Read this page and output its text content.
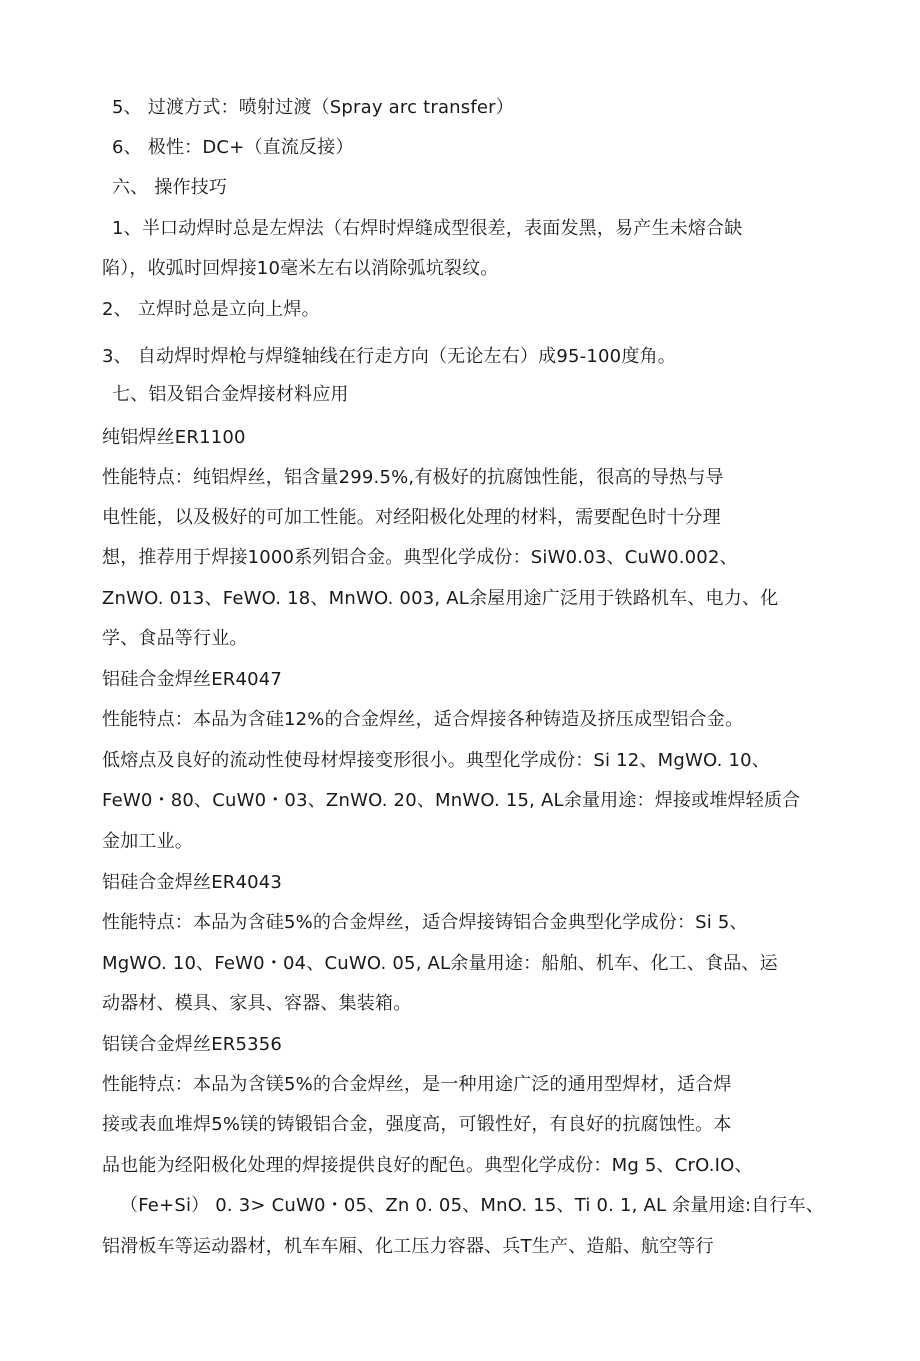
5、 过渡方式：喷射过渡（Spray arc transfer）
6、 极性：DC+（直流反接）
六、 操作技巧
1、半口动焊时总是左焊法（右焊时焊缝成型很差，表面发黑，易产生未熔合缺
陷），收弧时回焊接10毫米左右以消除弧坑裂纹。
2、 立焊时总是立向上焊。
3、 自动焊时焊枪与焊缝轴线在行走方向（无论左右）成95-100度角。
七、铝及铝合金焊接材料应用
纯铝焊丝ER1100
性能特点：纯铝焊丝，铝含量299.5%,有极好的抗腐蚀性能，很高的导热与导
电性能，以及极好的可加工性能。对经阳极化处理的材料，需要配色时十分理
想，推荐用于焊接1000系列铝合金。典型化学成份：SiW0.03、CuW0.002、
ZnWO. 013、FeWO. 18、MnWO. 003, AL余屋用途广泛用于铁路机车、电力、化
学、食品等行业。
铝硅合金焊丝ER4047
性能特点：本品为含硅12%的合金焊丝，适合焊接各种铸造及挤压成型铝合金。
低熔点及良好的流动性使母材焊接变形很小。典型化学成份：Si 12、MgWO. 10、
FeW0・80、CuW0・03、ZnWO. 20、MnWO. 15, AL余量用途：焊接或堆焊轻质合
金加工业。
铝硅合金焊丝ER4043
性能特点：本品为含硅5%的合金焊丝，适合焊接铸铝合金典型化学成份：Si 5、
MgWO. 10、FeW0・04、CuWO. 05, AL余量用途：船舶、机车、化工、食品、运
动器材、模具、家具、容器、集装箱。
铝镁合金焊丝ER5356
性能特点：本品为含镁5%的合金焊丝，是一种用途广泛的通用型焊材，适合焊
接或表血堆焊5%镁的铸锻铝合金，强度高，可锻性好，有良好的抗腐蚀性。本
品也能为经阳极化处理的焊接提供良好的配色。典型化学成份：Mg 5、CrO.IO、
（Fe+Si） 0. 3> CuW0・05、Zn 0. 05、MnO. 15、Ti 0. 1, AL 余量用途:自行车、
铝滑板车等运动器材，机车车厢、化工压力容器、兵T生产、造船、航空等行
